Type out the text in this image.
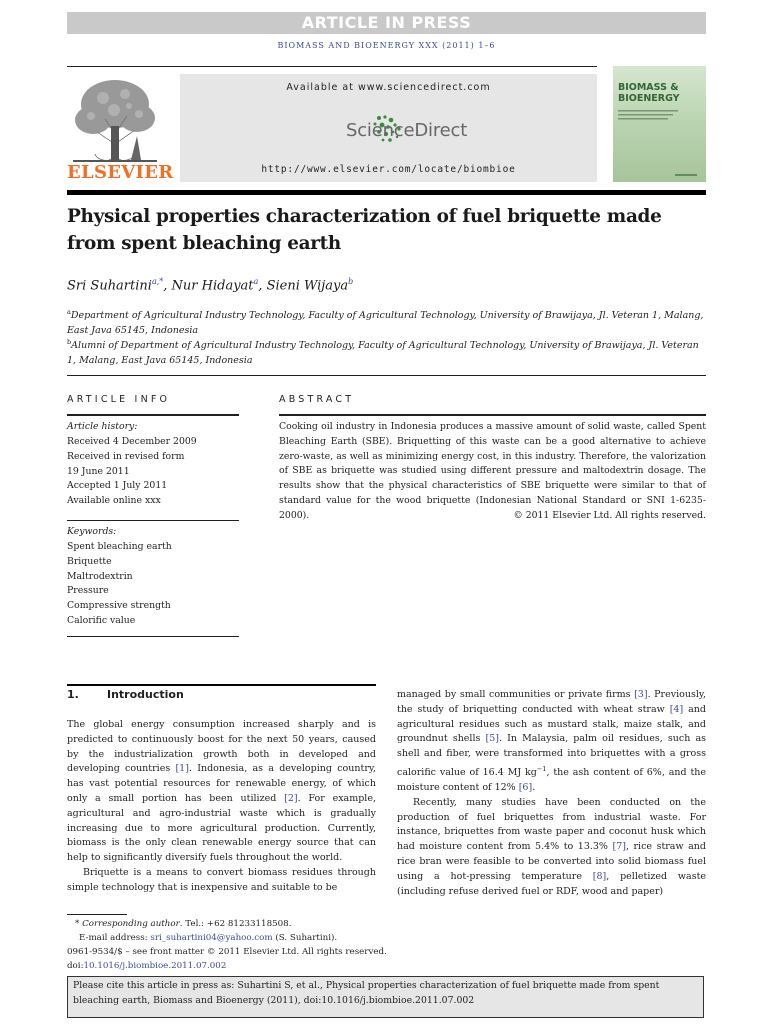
ARTICLE IN PRESS
BIOMASS AND BIOENERGY XXX (2011) 1–6
ELSEVIER
Available at www.sciencedirect.com
ScienceDirect
http://www.elsevier.com/locate/biombioe
BIOMASS & BIOENERGY
Physical properties characterization of fuel briquette made from spent bleaching earth
Sri Suhartini$^{a,*}$, Nur Hidayat$^a$, Sieni Wijaya$^b$
$^a$Department of Agricultural Industry Technology, Faculty of Agricultural Technology, University of Brawijaya, Jl. Veteran 1, Malang, East Java 65145, Indonesia
$^b$Alumni of Department of Agricultural Industry Technology, Faculty of Agricultural Technology, University of Brawijaya, Jl. Veteran 1, Malang, East Java 65145, Indonesia
ARTICLE INFO
Article history:
Received 4 December 2009
Received in revised form
19 June 2011
Accepted 1 July 2011
Available online xxx
Keywords:
Spent bleaching earth
Briquette
Maltrodextrin
Pressure
Compressive strength
Calorific value
ABSTRACT
Cooking oil industry in Indonesia produces a massive amount of solid waste, called Spent Bleaching Earth (SBE). Briquetting of this waste can be a good alternative to achieve zero-waste, as well as minimizing energy cost, in this industry. Therefore, the valorization of SBE as briquette was studied using different pressure and maltodextrin dosage. The results show that the physical characteristics of SBE briquette were similar to that of standard value for the wood briquette (Indonesian National Standard or SNI 1-6235-2000).	© 2011 Elsevier Ltd. All rights reserved.
1.	Introduction

The global energy consumption increased sharply and is predicted to continuously boost for the next 50 years, caused by the industrialization growth both in developed and developing countries [1]. Indonesia, as a developing country, has vast potential resources for renewable energy, of which only a small portion has been utilized [2]. For example, agricultural and agro-industrial waste which is gradually increasing due to more agricultural production. Currently, biomass is the only clean renewable energy source that can help to significantly diversify fuels throughout the world.

Briquette is a means to convert biomass residues through simple technology that is inexpensive and suitable to be

managed by small communities or private firms [3]. Previously, the study of briquetting conducted with wheat straw [4] and agricultural residues such as mustard stalk, maize stalk, and groundnut shells [5]. In Malaysia, palm oil residues, such as shell and fiber, were transformed into briquettes with a gross calorific value of 16.4 MJ $kg^{-1}$, the ash content of 6%, and the moisture content of 12% [6].

Recently, many studies have been conducted on the production of fuel briquettes from industrial waste. For instance, briquettes from waste paper and coconut husk which had moisture content from 5.4% to 13.3% [7], rice straw and rice bran were feasible to be converted into solid biomass fuel using a hot-pressing temperature [8], pelletized waste (including refuse derived fuel or RDF, wood and paper)

* Corresponding author. Tel.: +62 81233118508.
E-mail address: sri_suhartini04@yahoo.com (S. Suhartini).
0961-9534/$ – see front matter © 2011 Elsevier Ltd. All rights reserved.
doi:10.1016/j.biombioe.2011.07.002
Please cite this article in press as: Suhartini S, et al., Physical properties characterization of fuel briquette made from spent bleaching earth, Biomass and Bioenergy (2011), doi:10.1016/j.biombioe.2011.07.002
